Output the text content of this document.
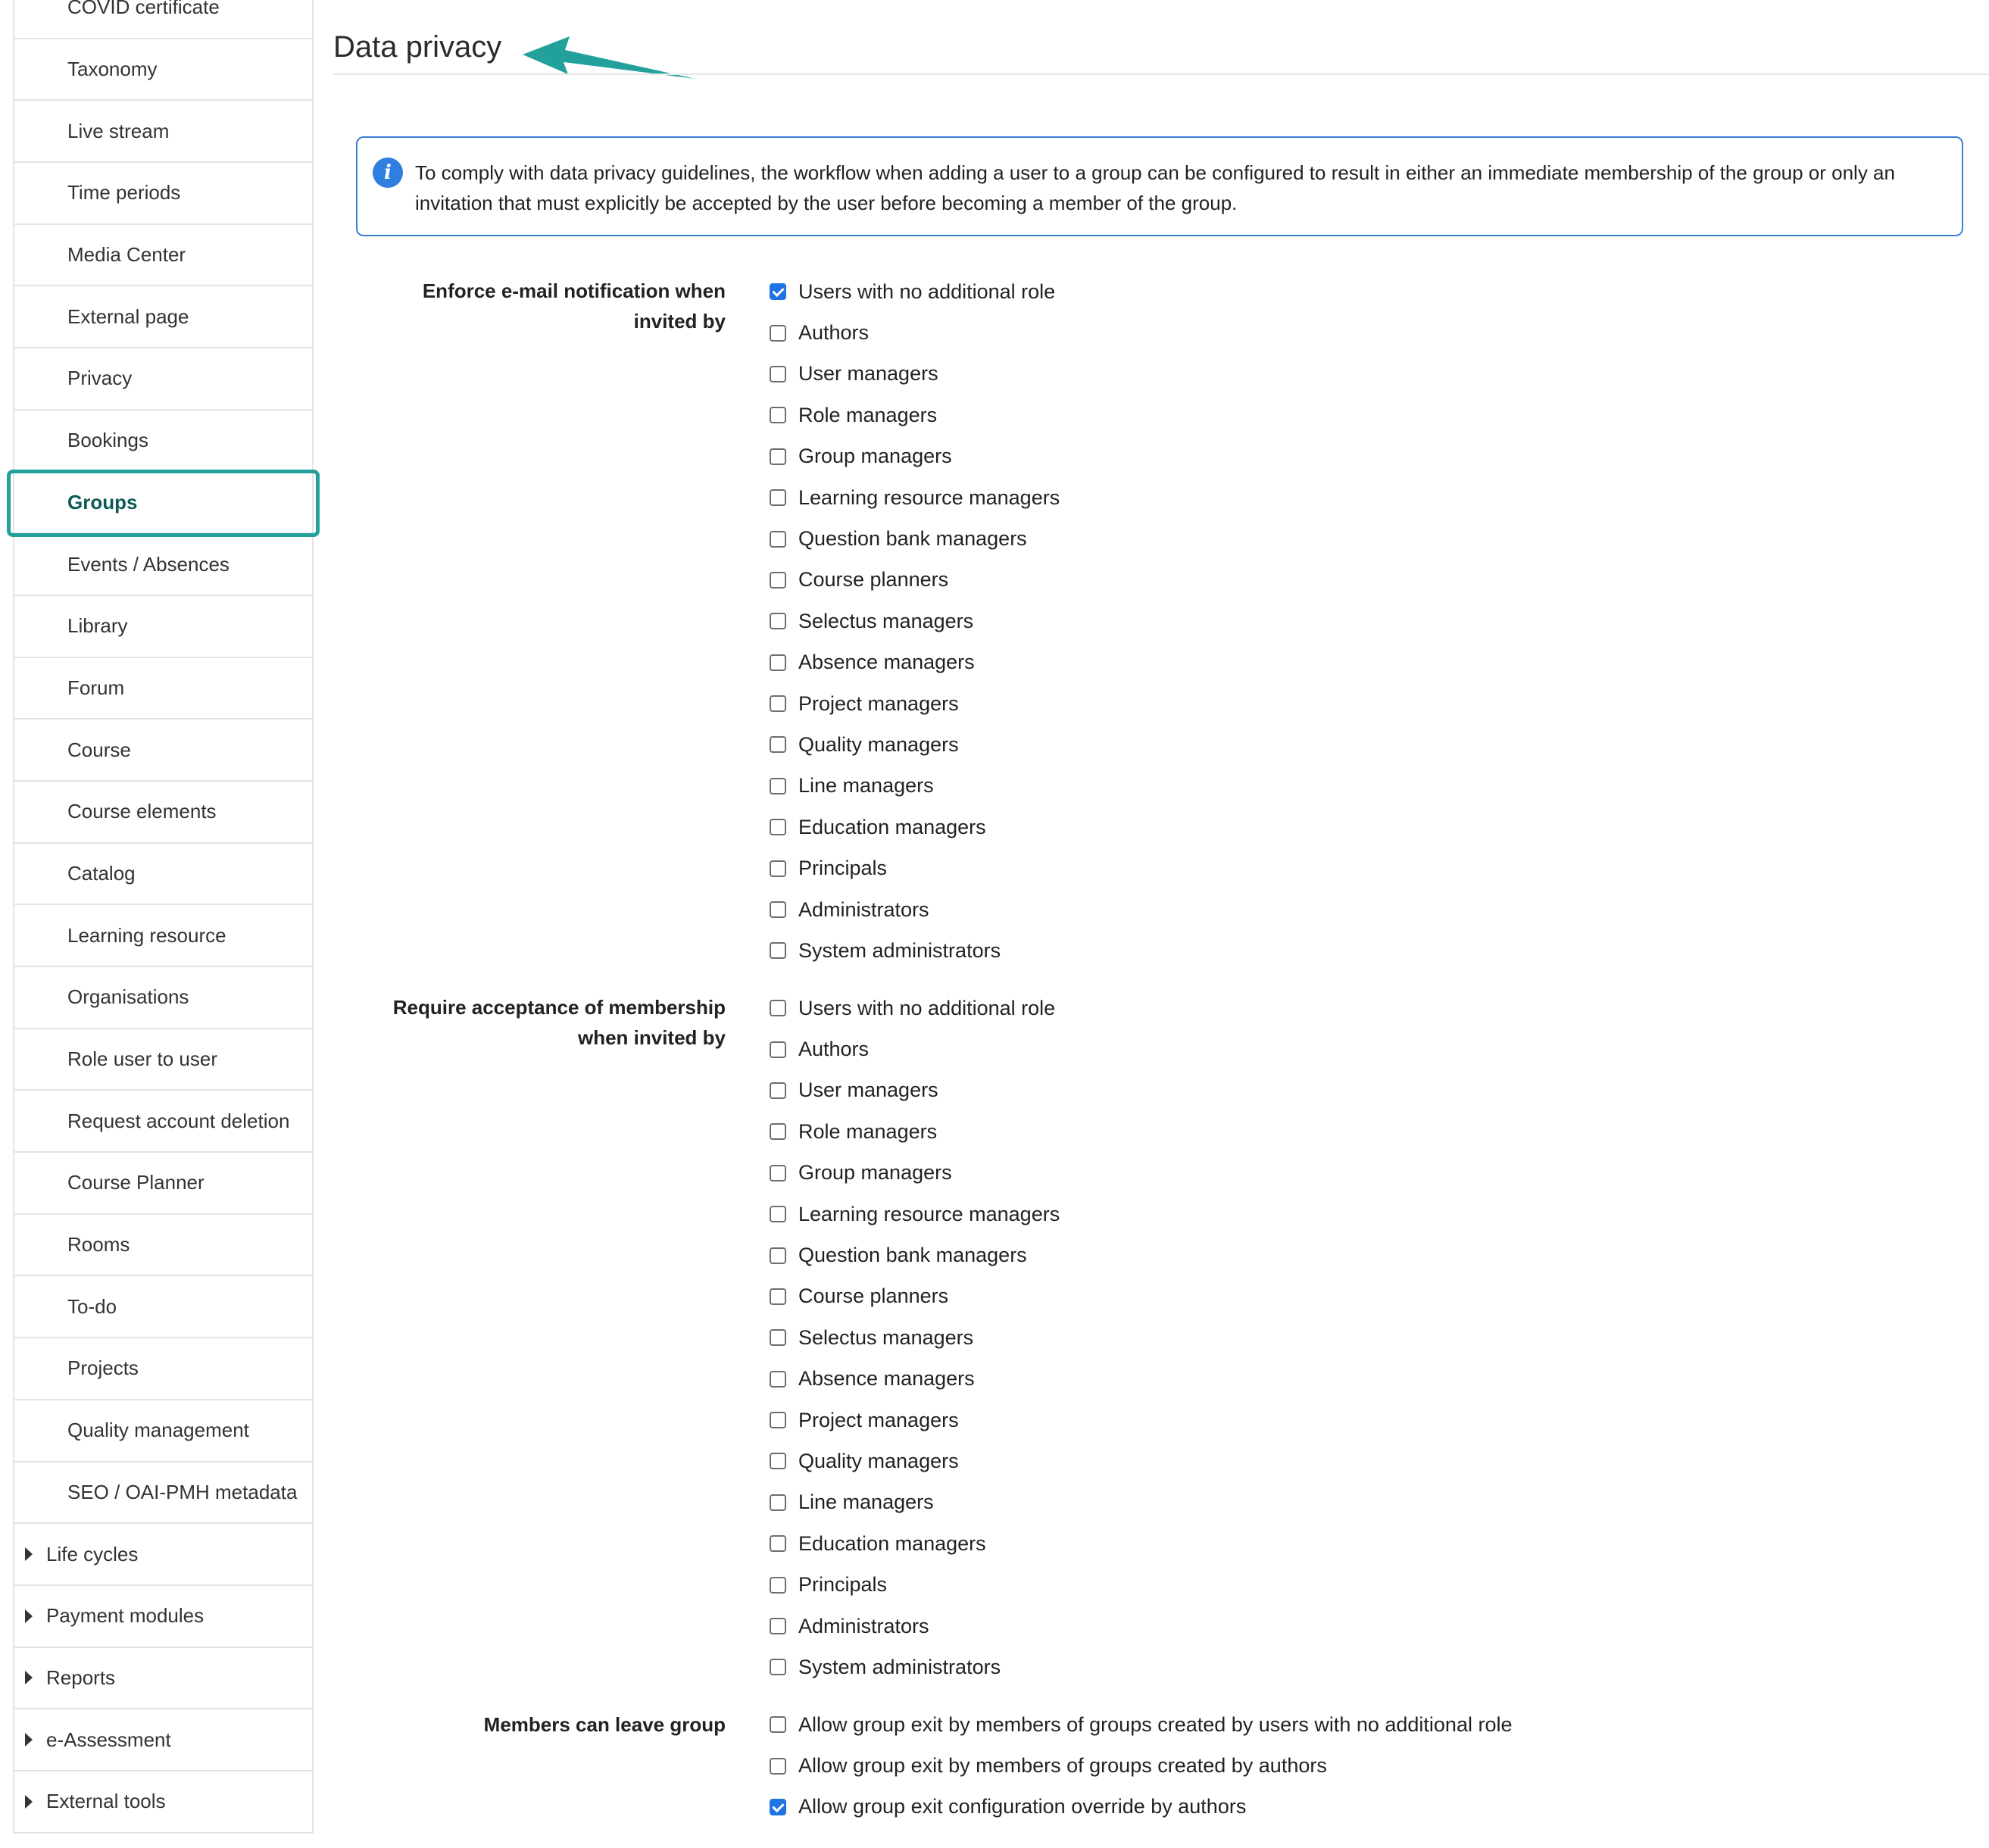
COVID certificate
Taxonomy
Live stream
Time periods
Media Center
External page
Privacy
Bookings
Groups
Events / Absences
Library
Forum
Course
Course elements
Catalog
Learning resource
Organisations
Role user to user
Request account deletion
Course Planner
Rooms
To-do
Projects
Quality management
SEO / OAI-PMH metadata
Life cycles
Payment modules
Reports
e-Assessment
External tools
Data privacy
i	To comply with data privacy guidelines, the workflow when adding a user to a group can be configured to result in either an immediate membership of the group or only an invitation that must explicitly be accepted by the user before becoming a member of the group.
Enforce e-mail notification when invited by
Users with no additional role
Authors
User managers
Role managers
Group managers
Learning resource managers
Question bank managers
Course planners
Selectus managers
Absence managers
Project managers
Quality managers
Line managers
Education managers
Principals
Administrators
System administrators
Require acceptance of membership when invited by
Users with no additional role
Authors
User managers
Role managers
Group managers
Learning resource managers
Question bank managers
Course planners
Selectus managers
Absence managers
Project managers
Quality managers
Line managers
Education managers
Principals
Administrators
System administrators
Members can leave group	Allow group exit by members of groups created by users with no additional role
Allow group exit by members of groups created by authors
Allow group exit configuration override by authors
